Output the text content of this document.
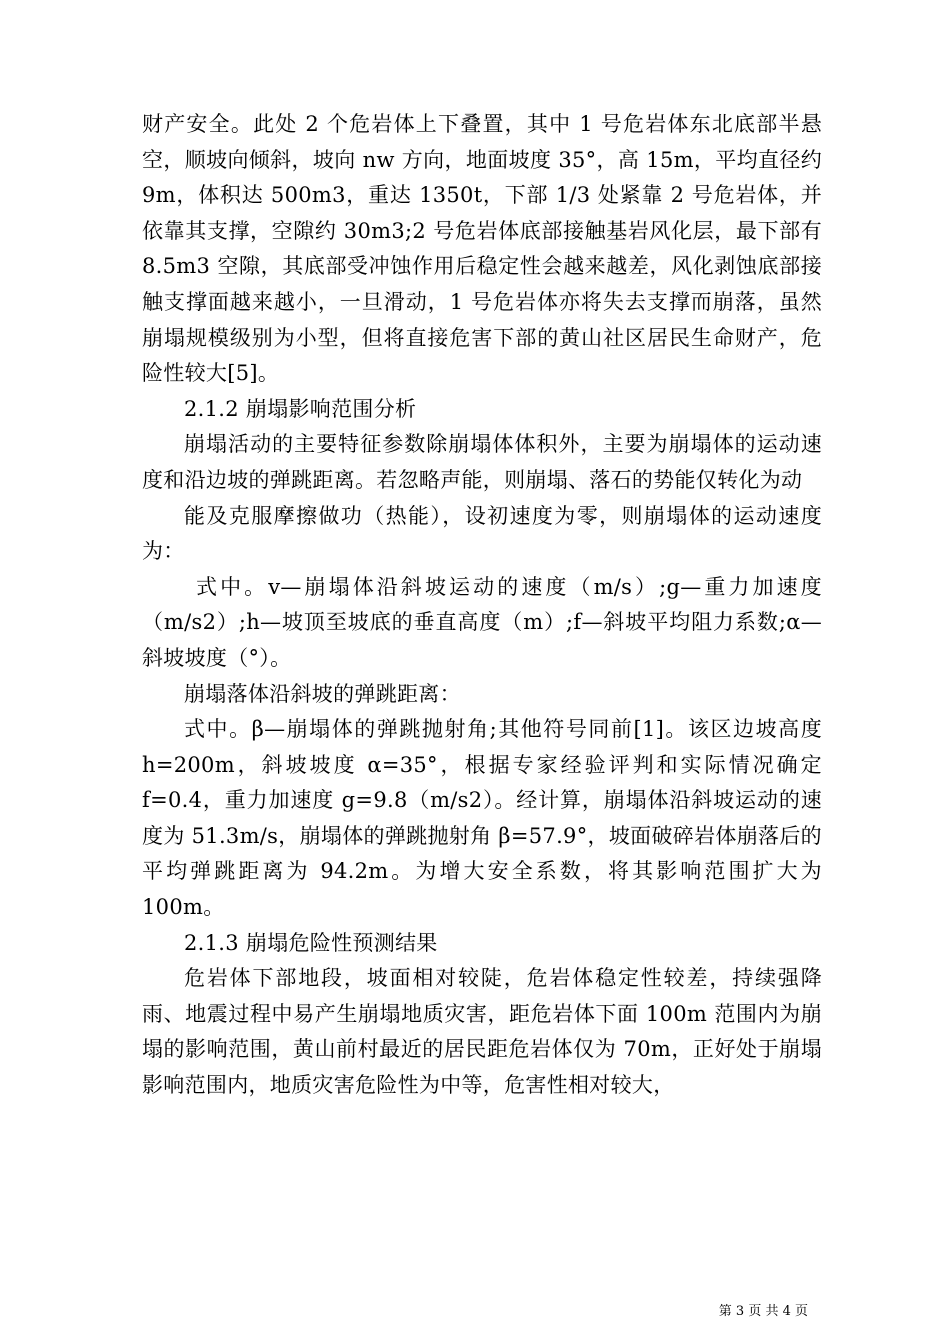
财产安全。此处 2 个危岩体上下叠置，其中 1 号危岩体东北底部半悬空，顺坡向倾斜，坡向 nw 方向，地面坡度 35°，高 15m，平均直径约 9m，体积达 500m3，重达 1350t，下部 1/3 处紧靠 2 号危岩体，并依靠其支撑，空隙约 30m3;2 号危岩体底部接触基岩风化层，最下部有 8.5m3 空隙，其底部受冲蚀作用后稳定性会越来越差，风化剥蚀底部接触支撑面越来越小，一旦滑动，1 号危岩体亦将失去支撑而崩落，虽然崩塌规模级别为小型，但将直接危害下部的黄山社区居民生命财产，危险性较大[5]。

2.1.2 崩塌影响范围分析

崩塌活动的主要特征参数除崩塌体体积外，主要为崩塌体的运动速度和沿边坡的弹跳距离。若忽略声能，则崩塌、落石的势能仅转化为动

能及克服摩擦做功（热能），设初速度为零，则崩塌体的运动速度为：

式中。v—崩塌体沿斜坡运动的速度（m/s）;g—重力加速度（m/s2）;h—坡顶至坡底的垂直高度（m）;f—斜坡平均阻力系数;α—斜坡坡度（°）。

崩塌落体沿斜坡的弹跳距离：

式中。β—崩塌体的弹跳抛射角;其他符号同前[1]。该区边坡高度 h=200m，斜坡坡度 α=35°，根据专家经验评判和实际情况确定 f=0.4，重力加速度 g=9.8（m/s2）。经计算，崩塌体沿斜坡运动的速度为 51.3m/s，崩塌体的弹跳抛射角 β=57.9°，坡面破碎岩体崩落后的平均弹跳距离为 94.2m。为增大安全系数，将其影响范围扩大为 100m。

2.1.3 崩塌危险性预测结果

危岩体下部地段，坡面相对较陡，危岩体稳定性较差，持续强降雨、地震过程中易产生崩塌地质灾害，距危岩体下面 100m 范围内为崩塌的影响范围，黄山前村最近的居民距危岩体仅为 70m，正好处于崩塌影响范围内，地质灾害危险性为中等，危害性相对较大，

第 3 页 共 4 页
